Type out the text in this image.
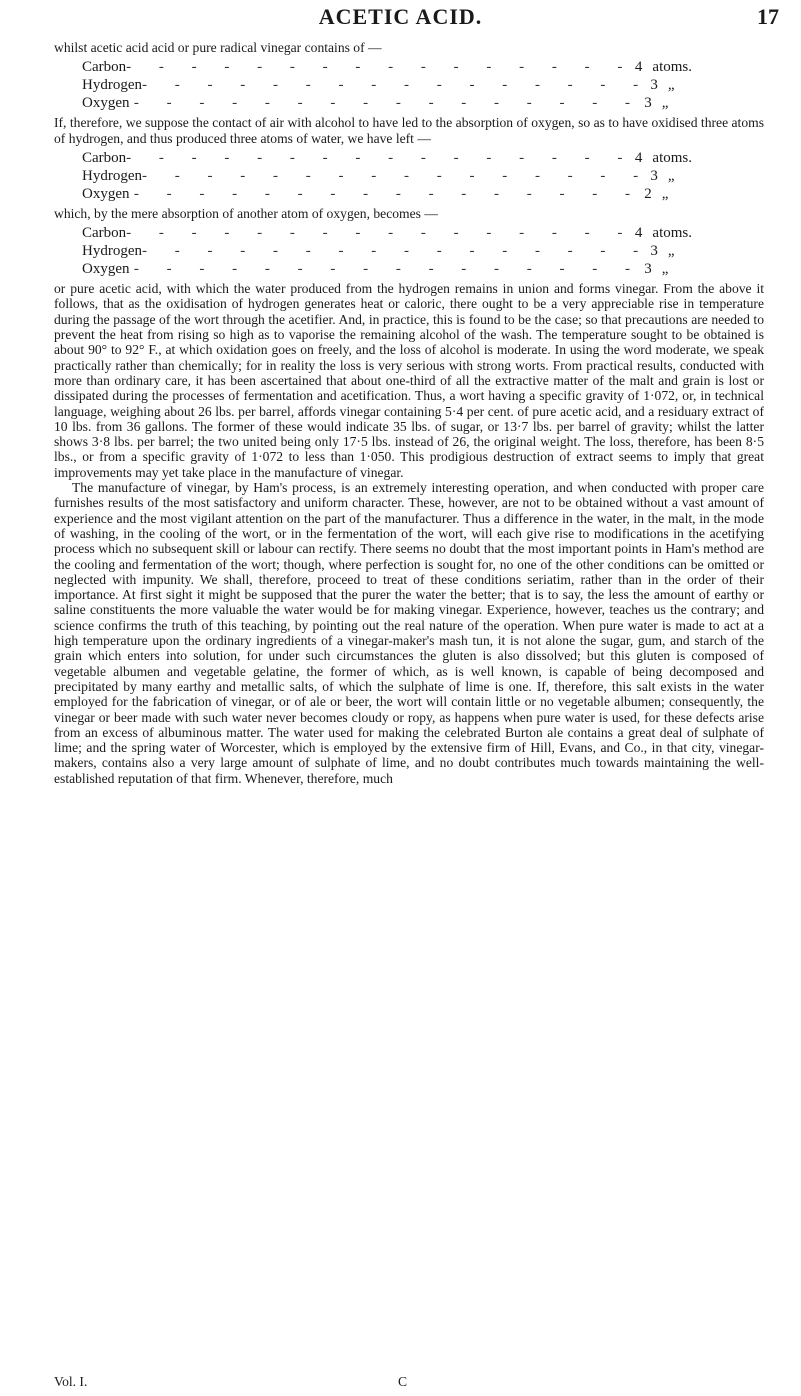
ACETIC ACID.	17

whilst acetic acid acid or pure radical vinegar contains of —

Carbon - - - - - - - - - - - - - - - - 4 atoms.
Hydrogen - - - - - - - - - - - - - - - - 3 „
Oxygen - - - - - - - - - - - - - - - - 3 „

If, therefore, we suppose the contact of air with alcohol to have led to the absorption of oxygen, so as to have oxidised three atoms of hydrogen, and thus produced three atoms of water, we have left —

Carbon - - - - - - - - - - - - - - - - 4 atoms.
Hydrogen - - - - - - - - - - - - - - - - 3 „
Oxygen - - - - - - - - - - - - - - - - 2 „

which, by the mere absorption of another atom of oxygen, becomes —

Carbon - - - - - - - - - - - - - - - - 4 atoms.
Hydrogen - - - - - - - - - - - - - - - - 3 „
Oxygen - - - - - - - - - - - - - - - - 3 „

or pure acetic acid, with which the water produced from the hydrogen remains in union and forms vinegar. From the above it follows, that as the oxidisation of hydrogen generates heat or caloric, there ought to be a very appreciable rise in temperature during the passage of the wort through the acetifier. And, in practice, this is found to be the case; so that precautions are needed to prevent the heat from rising so high as to vaporise the remaining alcohol of the wash. The temperature sought to be obtained is about 90° to 92° F., at which oxidation goes on freely, and the loss of alcohol is moderate. In using the word moderate, we speak practically rather than chemically; for in reality the loss is very serious with strong worts. From practical results, conducted with more than ordinary care, it has been ascertained that about one-third of all the extractive matter of the malt and grain is lost or dissipated during the processes of fermentation and acetification. Thus, a wort having a specific gravity of 1·072, or, in technical language, weighing about 26 lbs. per barrel, affords vinegar containing 5·4 per cent. of pure acetic acid, and a residuary extract of 10 lbs. from 36 gallons. The former of these would indicate 35 lbs. of sugar, or 13·7 lbs. per barrel of gravity; whilst the latter shows 3·8 lbs. per barrel; the two united being only 17·5 lbs. instead of 26, the original weight. The loss, therefore, has been 8·5 lbs., or from a specific gravity of 1·072 to less than 1·050. This prodigious destruction of extract seems to imply that great improvements may yet take place in the manufacture of vinegar.

The manufacture of vinegar, by Ham's process, is an extremely interesting operation, and when conducted with proper care furnishes results of the most satisfactory and uniform character. These, however, are not to be obtained without a vast amount of experience and the most vigilant attention on the part of the manufacturer. Thus a difference in the water, in the malt, in the mode of washing, in the cooling of the wort, or in the fermentation of the wort, will each give rise to modifications in the acetifying process which no subsequent skill or labour can rectify. There seems no doubt that the most important points in Ham's method are the cooling and fermentation of the wort; though, where perfection is sought for, no one of the other conditions can be omitted or neglected with impunity. We shall, therefore, proceed to treat of these conditions seriatim, rather than in the order of their importance. At first sight it might be supposed that the purer the water the better; that is to say, the less the amount of earthy or saline constituents the more valuable the water would be for making vinegar. Experience, however, teaches us the contrary; and science confirms the truth of this teaching, by pointing out the real nature of the operation. When pure water is made to act at a high temperature upon the ordinary ingredients of a vinegar-maker's mash tun, it is not alone the sugar, gum, and starch of the grain which enters into solution, for under such circumstances the gluten is also dissolved; but this gluten is composed of vegetable albumen and vegetable gelatine, the former of which, as is well known, is capable of being decomposed and precipitated by many earthy and metallic salts, of which the sulphate of lime is one. If, therefore, this salt exists in the water employed for the fabrication of vinegar, or of ale or beer, the wort will contain little or no vegetable albumen; consequently, the vinegar or beer made with such water never becomes cloudy or ropy, as happens when pure water is used, for these defects arise from an excess of albuminous matter. The water used for making the celebrated Burton ale contains a great deal of sulphate of lime; and the spring water of Worcester, which is employed by the extensive firm of Hill, Evans, and Co., in that city, vinegar-makers, contains also a very large amount of sulphate of lime, and no doubt contributes much towards maintaining the well-established reputation of that firm. Whenever, therefore, much

Vol. I.	C
